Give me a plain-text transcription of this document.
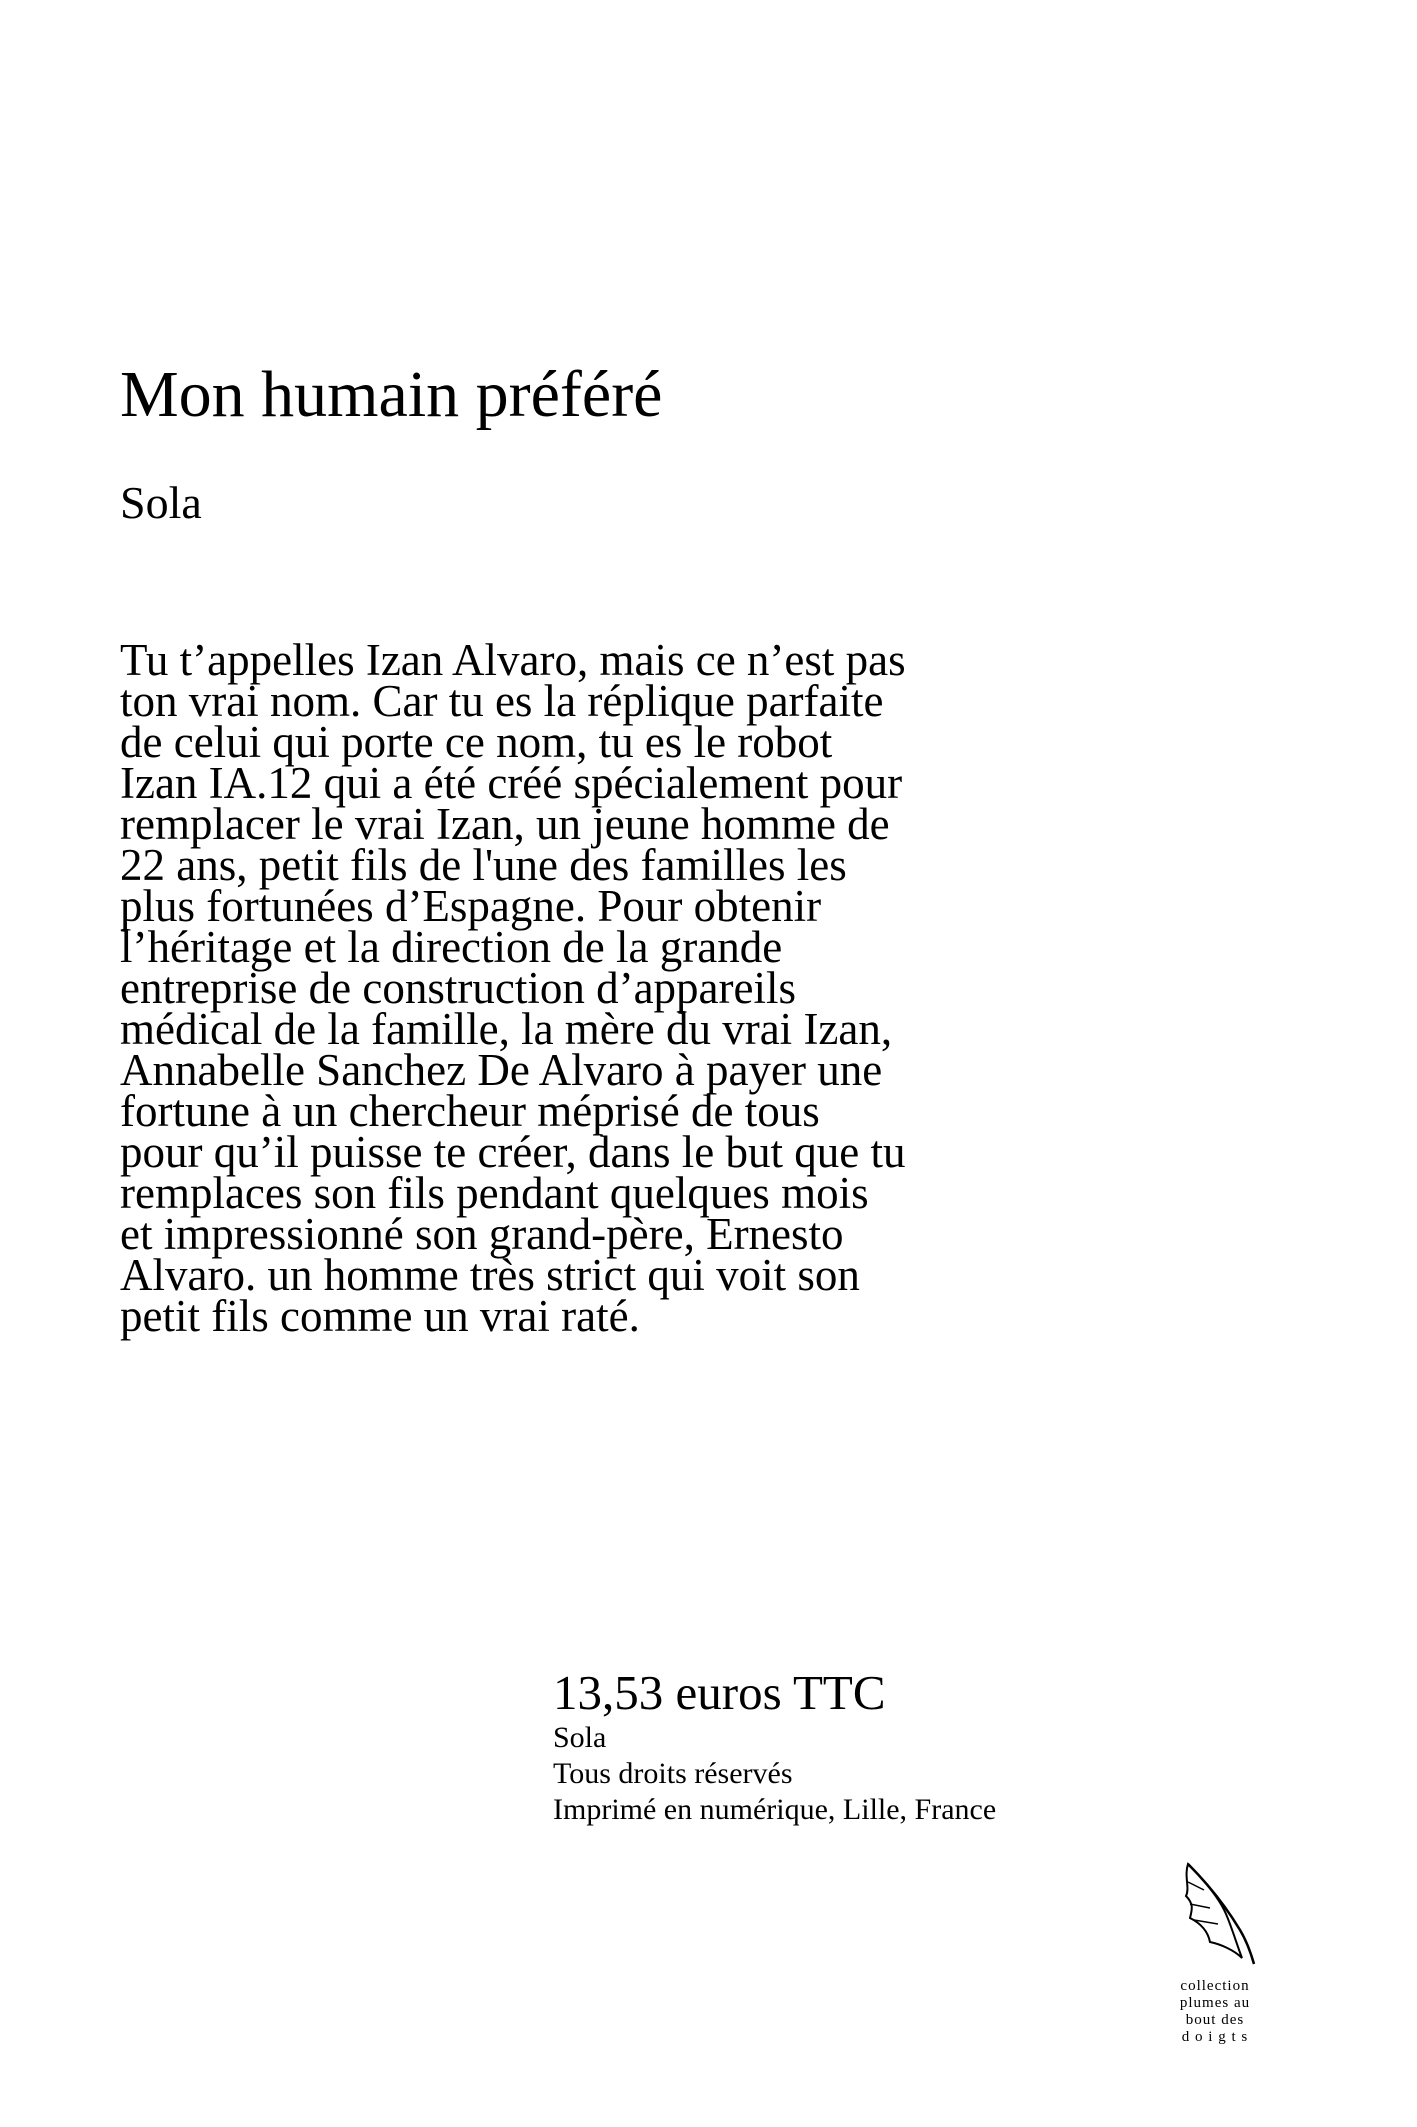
Mon humain préféré
Sola

Tu t’appelles Izan Alvaro, mais ce n’est pas
ton vrai nom. Car tu es la réplique parfaite
de celui qui porte ce nom, tu es le robot
Izan IA.12 qui a été créé spécialement pour
remplacer le vrai Izan, un jeune homme de
22 ans, petit fils de l'une des familles les
plus fortunées d’Espagne. Pour obtenir
l’héritage et la direction de la grande
entreprise de construction d’appareils
médical de la famille, la mère du vrai Izan,
Annabelle Sanchez De Alvaro à payer une
fortune à un chercheur méprisé de tous
pour qu’il puisse te créer, dans le but que tu
remplaces son fils pendant quelques mois
et impressionné son grand-père, Ernesto
Alvaro. un homme très strict qui voit son
petit fils comme un vrai raté.

13,53 euros TTC
Sola
Tous droits réservés
Imprimé en numérique, Lille, France
collection
plumes au
bout des
d o i g t s
